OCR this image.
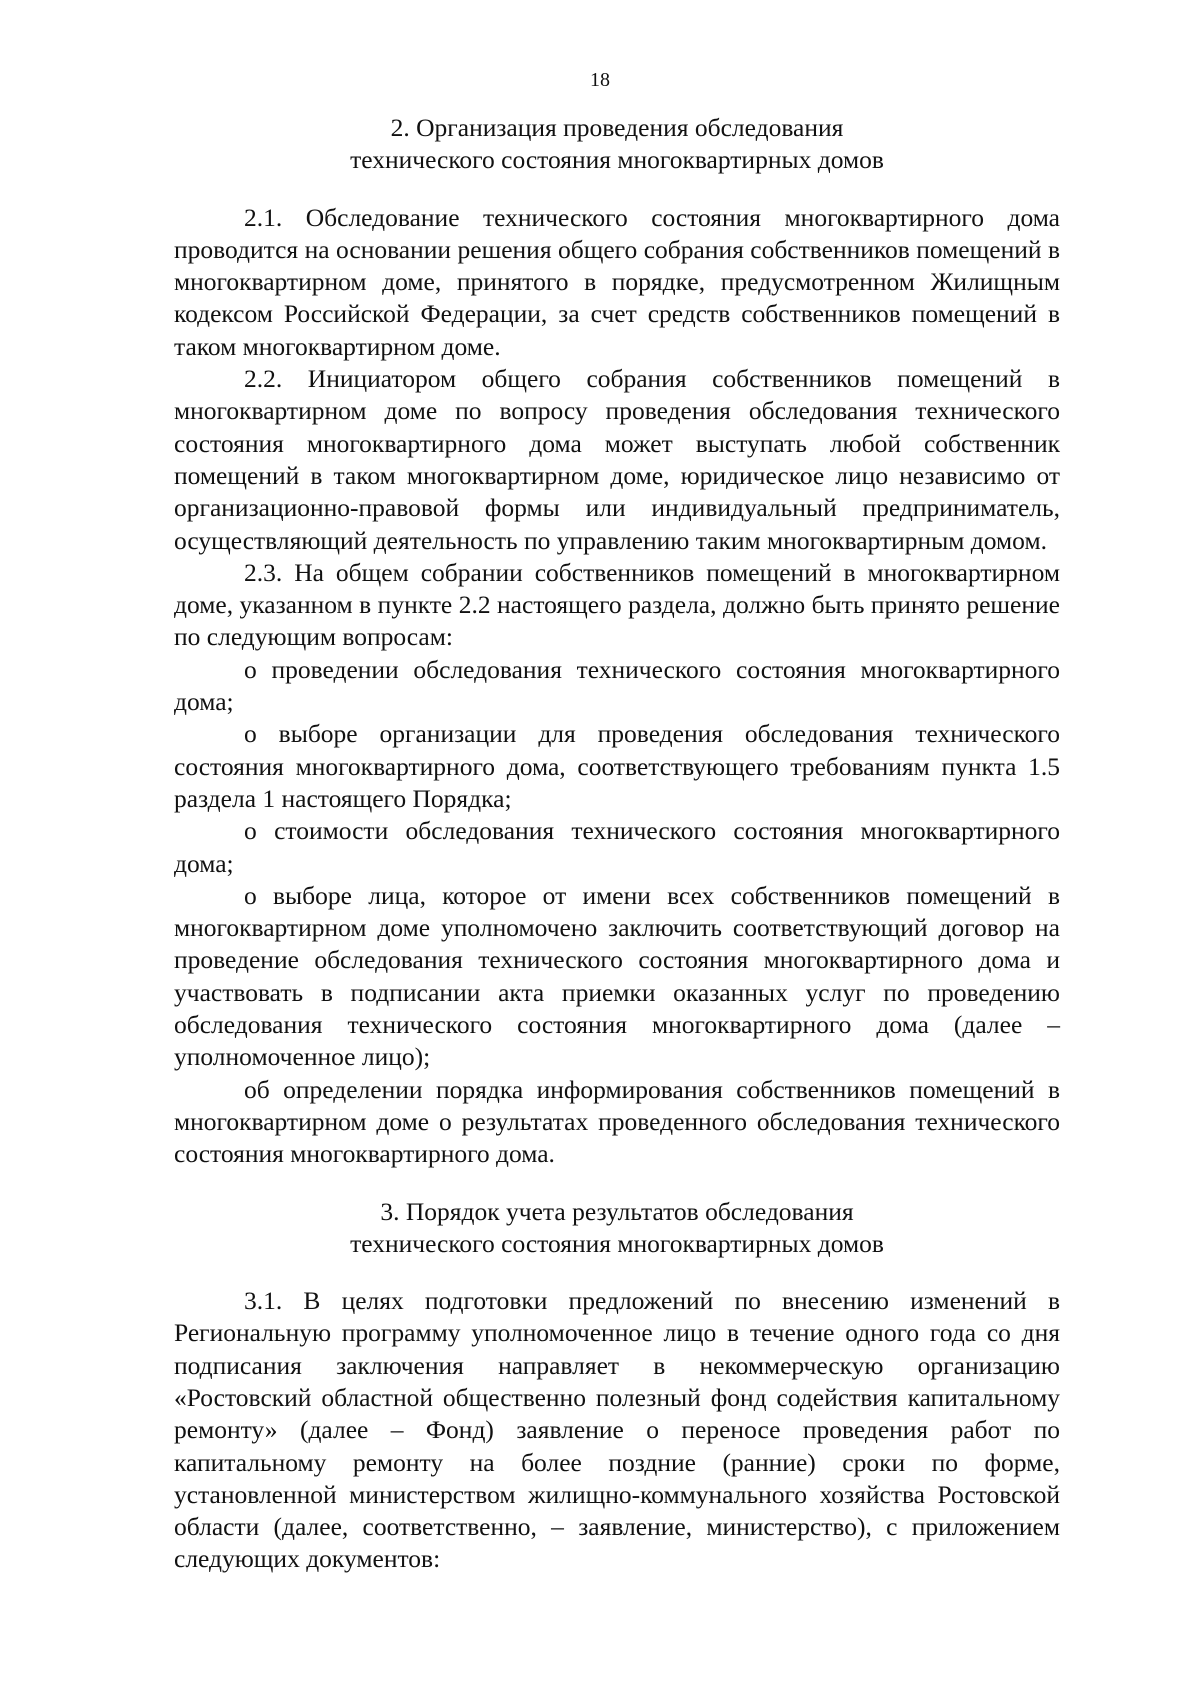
18
2. Организация проведения обследования
технического состояния многоквартирных домов

2.1. Обследование технического состояния многоквартирного дома проводится на основании решения общего собрания собственников помещений в многоквартирном доме, принятого в порядке, предусмотренном Жилищным кодексом Российской Федерации, за счет средств собственников помещений в таком многоквартирном доме.

2.2. Инициатором общего собрания собственников помещений в многоквартирном доме по вопросу проведения обследования технического состояния многоквартирного дома может выступать любой собственник помещений в таком многоквартирном доме, юридическое лицо независимо от организационно-правовой формы или индивидуальный предприниматель, осуществляющий деятельность по управлению таким многоквартирным домом.

2.3. На общем собрании собственников помещений в многоквартирном доме, указанном в пункте 2.2 настоящего раздела, должно быть принято решение по следующим вопросам:

о проведении обследования технического состояния многоквартирного дома;

о выборе организации для проведения обследования технического состояния многоквартирного дома, соответствующего требованиям пункта 1.5 раздела 1 настоящего Порядка;

о стоимости обследования технического состояния многоквартирного дома;

о выборе лица, которое от имени всех собственников помещений в многоквартирном доме уполномочено заключить соответствующий договор на проведение обследования технического состояния многоквартирного дома и участвовать в подписании акта приемки оказанных услуг по проведению обследования технического состояния многоквартирного дома (далее – уполномоченное лицо);

об определении порядка информирования собственников помещений в многоквартирном доме о результатах проведенного обследования технического состояния многоквартирного дома.

3. Порядок учета результатов обследования
технического состояния многоквартирных домов

3.1. В целях подготовки предложений по внесению изменений в Региональную программу уполномоченное лицо в течение одного года со дня подписания заключения направляет в некоммерческую организацию «Ростовский областной общественно полезный фонд содействия капитальному ремонту» (далее – Фонд) заявление о переносе проведения работ по капитальному ремонту на более поздние (ранние) сроки по форме, установленной министерством жилищно-коммунального хозяйства Ростовской области (далее, соответственно, – заявление, министерство), с приложением следующих документов:
